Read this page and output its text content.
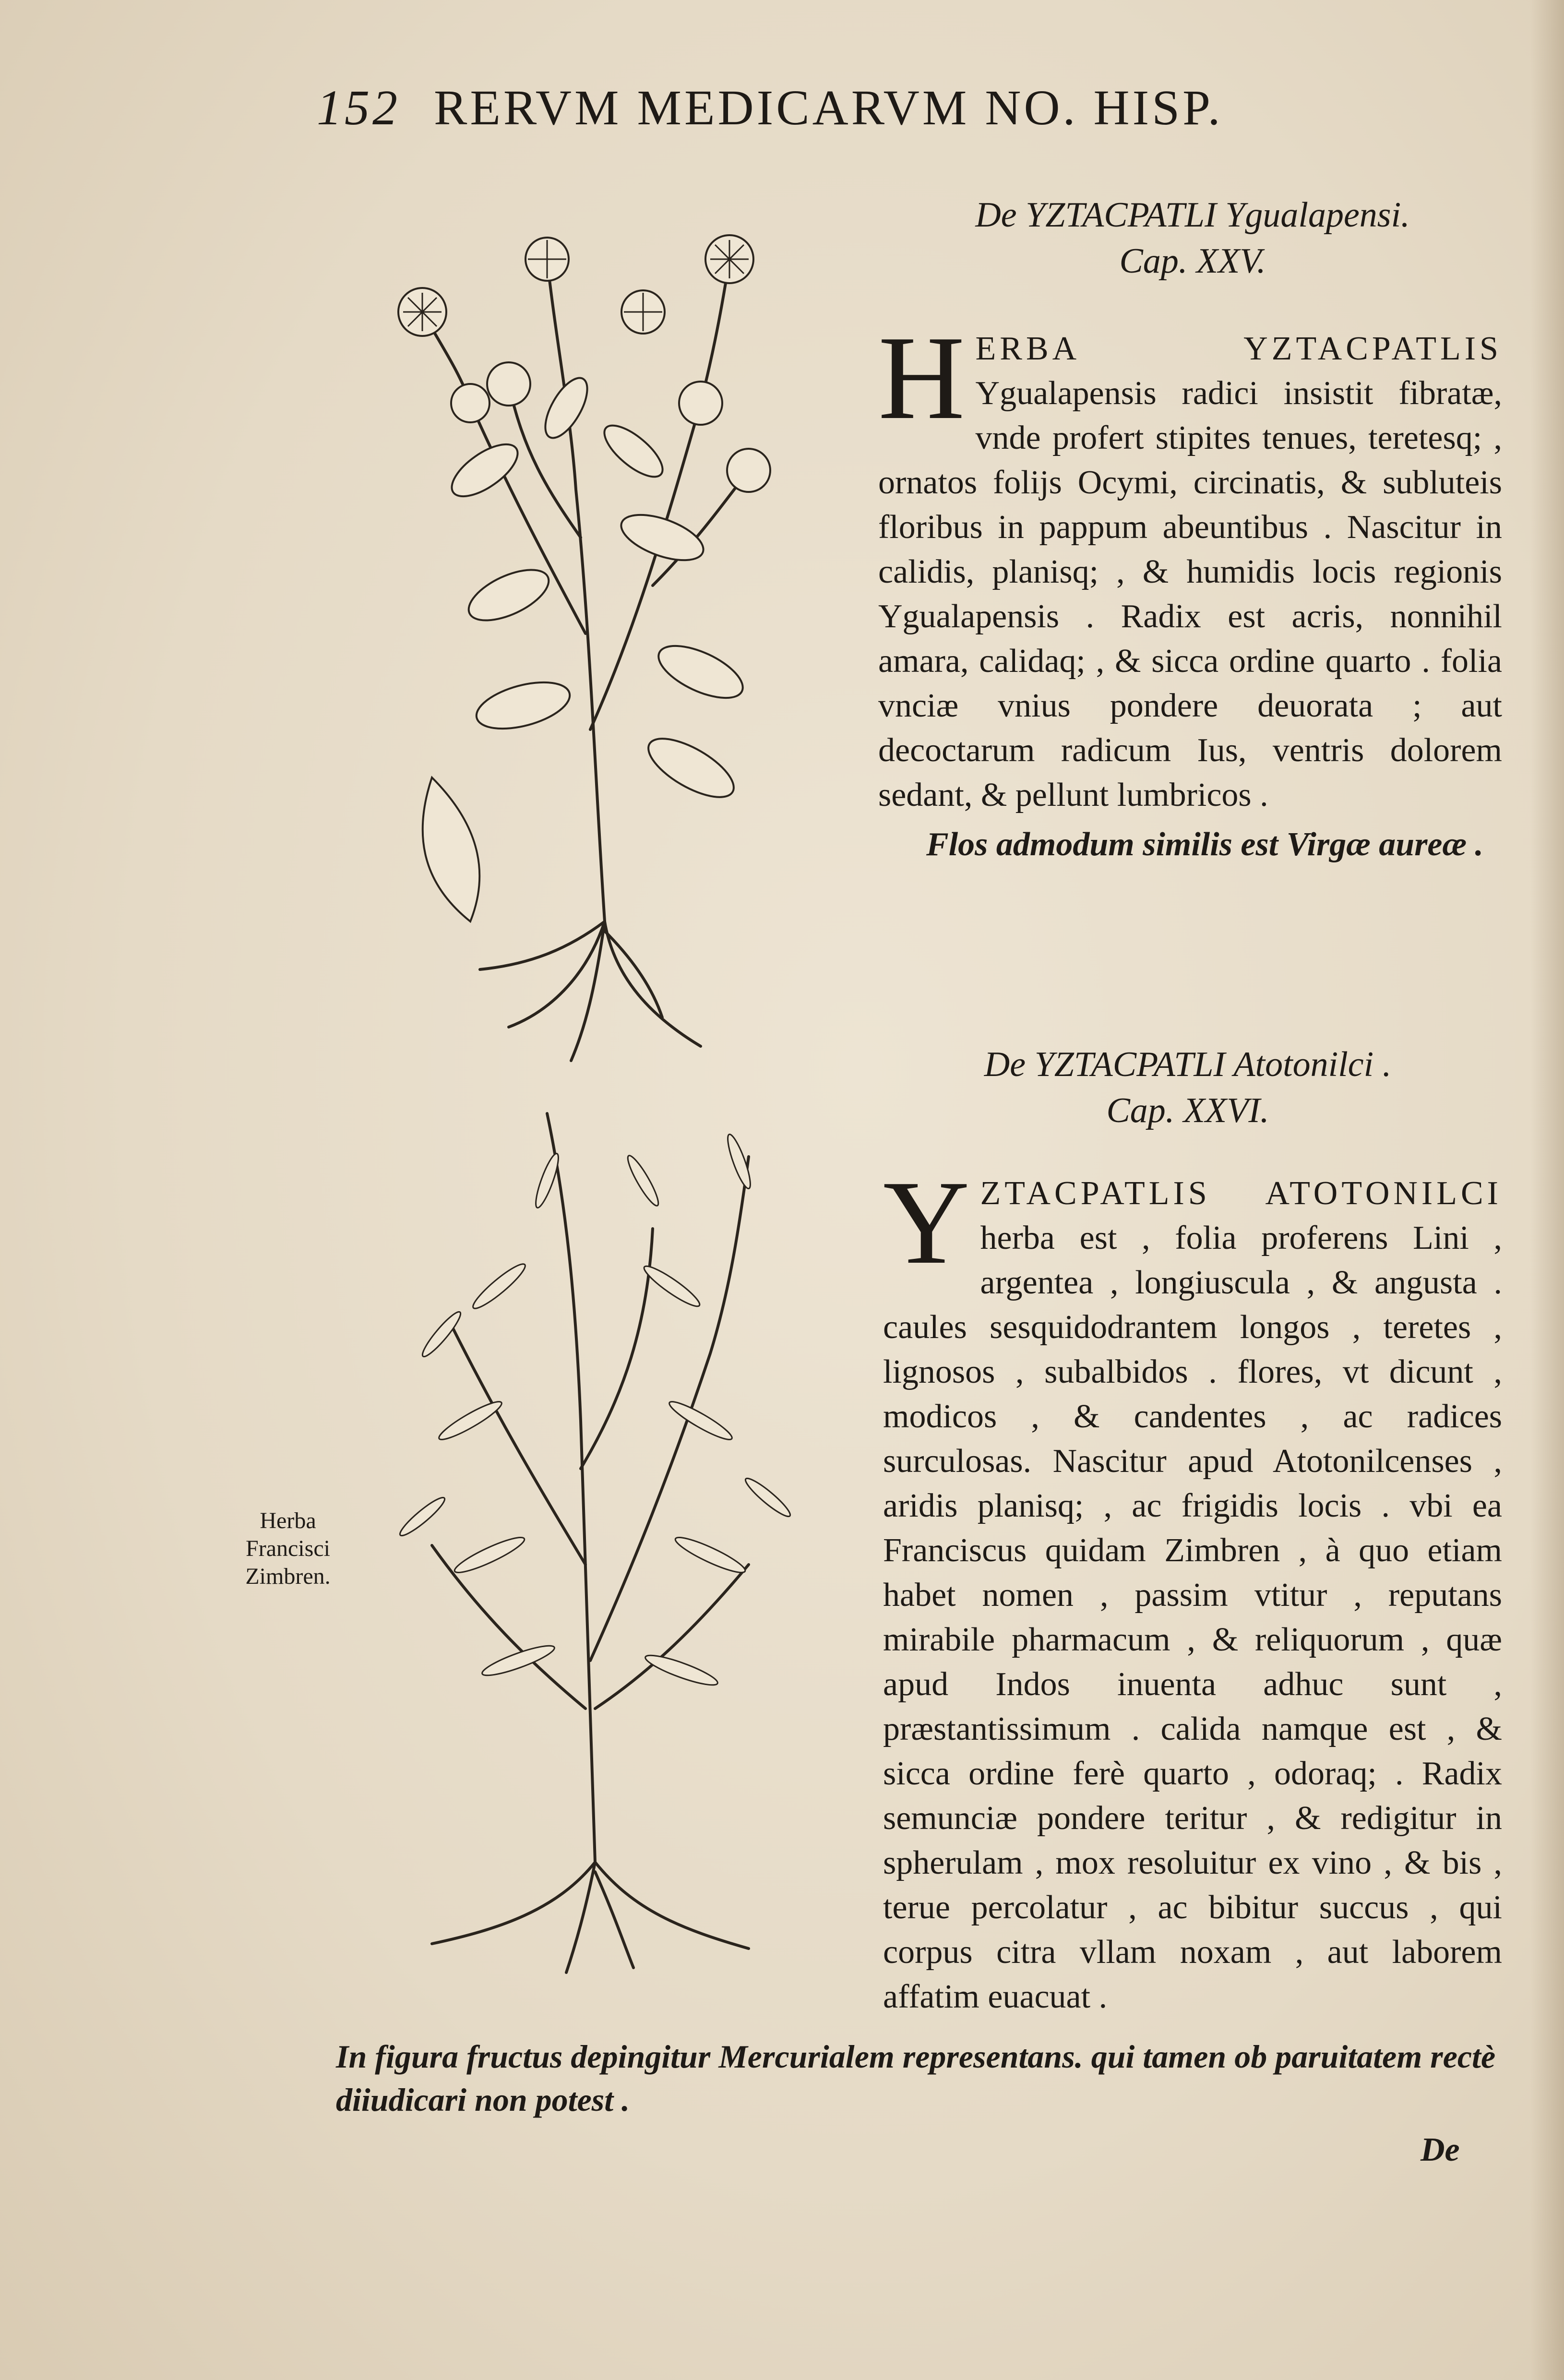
152 RERVM MEDICARVM NO. HISP.
De YZTACPATLI Ygualapensi.
Cap. XXV.

H ERBA YZTACPATLIS Ygualapensis radici insistit fibratæ, vnde profert stipites tenues, teretesq; , ornatos folijs Ocymi, circinatis, & subluteis floribus in pappum abeuntibus . Nascitur in calidis, planisq; , & humidis locis regionis Ygualapensis . Radix est acris, nonnihil amara, calidaq; , & sicca ordine quarto . folia vnciæ vnius pondere deuorata ; aut decoctarum radicum Ius, ventris dolorem sedant, & pellunt lumbricos .

Flos admodum similis est Virgæ aureæ .

De YZTACPATLI Atotonilci .
Cap. XXVI.

Y ZTACPATLIS ATOTONILCI herba est , folia proferens Lini , argentea , longiuscula , & angusta . caules sesquidodrantem longos , teretes , lignosos , subalbidos . flores, vt dicunt , modicos , & candentes , ac radices surculosas. Nascitur apud Atotonilcenses , aridis planisq; , ac frigidis locis . vbi ea Franciscus quidam Zimbren , à quo etiam habet nomen , passim vtitur , reputans mirabile pharmacum , & reliquorum , quæ apud Indos inuenta adhuc sunt , præstantissimum . calida namque est , & sicca ordine ferè quarto , odoraq; . Radix semunciæ pondere teritur , & redigitur in spherulam , mox resoluitur ex vino , & bis , terue percolatur , ac bibitur succus , qui corpus citra vllam noxam , aut laborem affatim euacuat .

Herba
Francisci
Zimbren.
In figura fructus depingitur Mercurialem representans. qui tamen ob paruitatem rectè diiudicari non potest .
De
